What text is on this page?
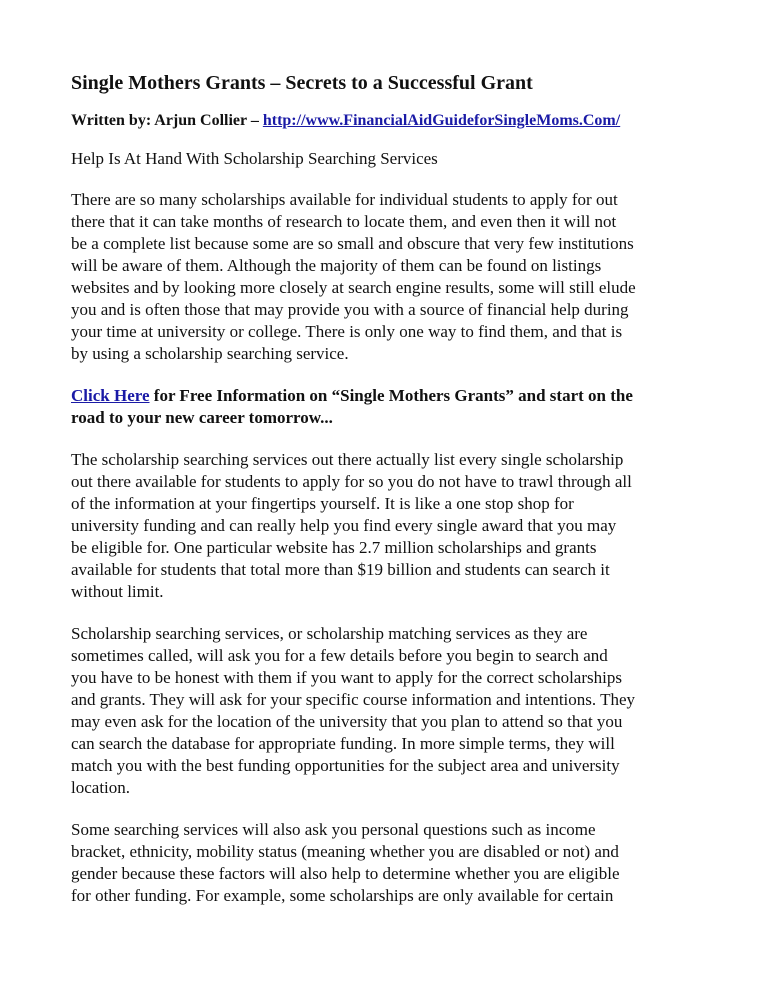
Single Mothers Grants – Secrets to a Successful Grant
Written by: Arjun Collier – http://www.FinancialAidGuideforSingleMoms.Com/
Help Is At Hand With Scholarship Searching Services
There are so many scholarships available for individual students to apply for out
there that it can take months of research to locate them, and even then it will not
be a complete list because some are so small and obscure that very few institutions
will be aware of them. Although the majority of them can be found on listings
websites and by looking more closely at search engine results, some will still elude
you and is often those that may provide you with a source of financial help during
your time at university or college. There is only one way to find them, and that is
by using a scholarship searching service.
Click Here for Free Information on “Single Mothers Grants” and start on the
road to your new career tomorrow...
The scholarship searching services out there actually list every single scholarship
out there available for students to apply for so you do not have to trawl through all
of the information at your fingertips yourself. It is like a one stop shop for
university funding and can really help you find every single award that you may
be eligible for. One particular website has 2.7 million scholarships and grants
available for students that total more than $19 billion and students can search it
without limit.
Scholarship searching services, or scholarship matching services as they are
sometimes called, will ask you for a few details before you begin to search and
you have to be honest with them if you want to apply for the correct scholarships
and grants. They will ask for your specific course information and intentions. They
may even ask for the location of the university that you plan to attend so that you
can search the database for appropriate funding. In more simple terms, they will
match you with the best funding opportunities for the subject area and university
location.
Some searching services will also ask you personal questions such as income
bracket, ethnicity, mobility status (meaning whether you are disabled or not) and
gender because these factors will also help to determine whether you are eligible
for other funding. For example, some scholarships are only available for certain
